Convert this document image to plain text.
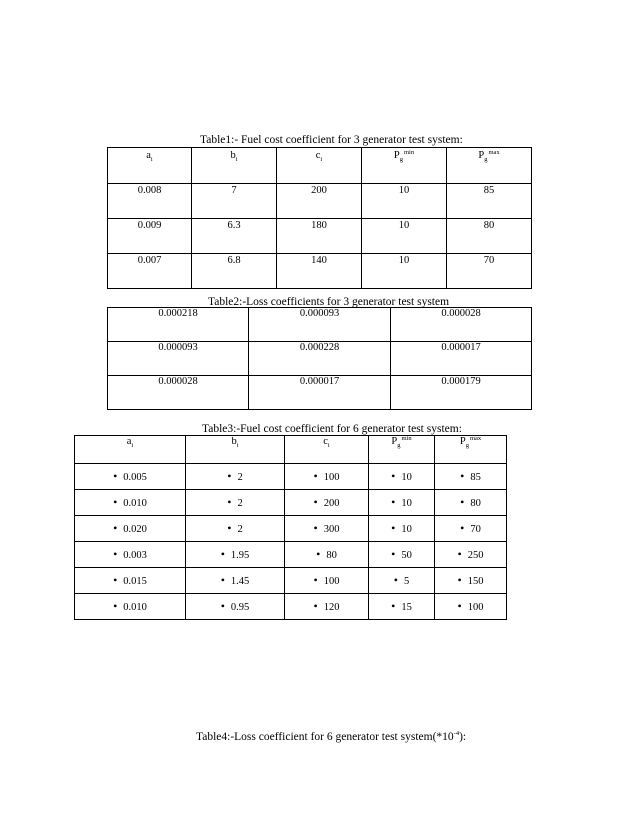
Table1:- Fuel cost coefficient for 3 generator test system:
$a_i$	$b_i$	$c_i$	$P_g^{min}$	$P_g^{max}$

0.008	7	200	10	85

0.009	6.3	180	10	80

0.007	6.8	140	10	70
Table2:-Loss coefficients for 3 generator test system
0.000218	0.000093	0.000028

0.000093	0.000228	0.000017

0.000028	0.000017	0.000179
Table3:-Fuel cost coefficient for 6 generator test system:
$a_i$	$b_i$	$c_i$	$P_g^{min}$	$P_g^{max}$

• 0.005	• 2	• 100	• 10	• 85
• 0.010	• 2	• 200	• 10	• 80
• 0.020	• 2	• 300	• 10	• 70
• 0.003	• 1.95	• 80	• 50	• 250
• 0.015	• 1.45	• 100	• 5	• 150
• 0.010	• 0.95	• 120	• 15	• 100
Table4:-Loss coefficient for 6 generator test $system(*10^{-4})$:
